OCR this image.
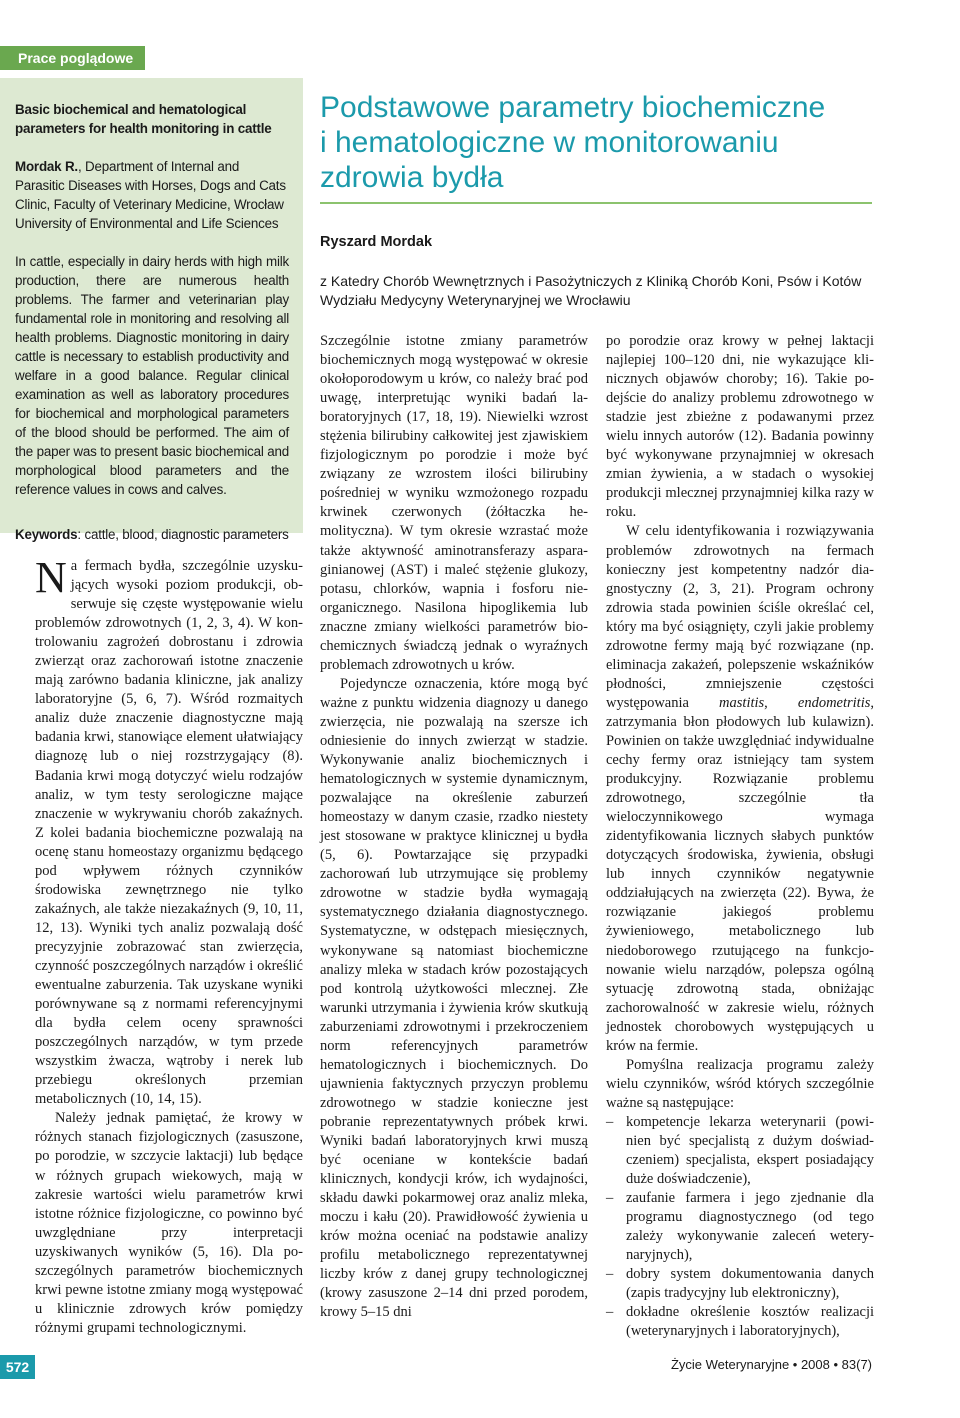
Prace poglądowe
Basic biochemical and hematological
parameters for health monitoring in cattle
Mordak R., Department of Internal and Parasitic Diseases with Horses, Dogs and Cats Clinic, Faculty of Veterinary Medicine, Wrocław University of Environmental and Life Sciences
In cattle, especially in dairy herds with high milk production, there are numerous health problems. The farmer and veterinarian play fundamental role in monitoring and resolving all health problems. Diagnostic monitoring in dairy cattle is necessary to establish productivity and welfare in a good balance. Regular clinical examination as well as laboratory procedures for biochemical and morphological parameters of the blood should be performed. The aim of the paper was to present basic biochemical and morphological blood parameters and the reference values in cows and calves.
Keywords: cattle, blood, diagnostic parameters
Podstawowe parametry biochemiczne
i hematologiczne w monitorowaniu
zdrowia bydła
Ryszard Mordak
z Katedry Chorób Wewnętrznych i Pasożytniczych z Kliniką Chorób Koni, Psów i Kotów
Wydziału Medycyny Weterynaryjnej we Wrocławiu

Na fermach bydła, szczególnie uzyskujących wysoki poziom produkcji, obserwuje się częste występowanie wielu problemów zdrowotnych (1, 2, 3, 4). W kontrolowaniu zagrożeń dobrostanu i zdrowia zwierząt oraz zachorowań istotne znaczenie mają zarówno badania kliniczne, jak analizy laboratoryjne (5, 6, 7). Wśród rozmaitych analiz duże znaczenie diagnostyczne mają badania krwi, stanowiące element ułatwiający diagnozę lub o niej rozstrzygający (8). Badania krwi mogą dotyczyć wielu rodzajów analiz, w tym testy serologiczne mające znaczenie w wykrywaniu chorób zakaźnych. Z kolei badania biochemiczne pozwalają na ocenę stanu homeostazy organizmu będącego pod wpływem różnych czynników środowiska zewnętrznego nie tylko zakaźnych, ale także niezakaźnych (9, 10, 11, 12, 13). Wyniki tych analiz pozwalają dość precyzyjnie zobrazować stan zwierzęcia, czynność poszczególnych narządów i określić ewentualne zaburzenia. Tak uzyskane wyniki porównywane są z normami referencyjnymi dla bydła celem oceny sprawności poszczególnych narządów, w tym przede wszystkim żwacza, wątroby i nerek lub przebiegu określonych przemian metabolicznych (10, 14, 15).

Należy jednak pamiętać, że krowy w różnych stanach fizjologicznych (zasuszone, po porodzie, w szczycie laktacji) lub będące w różnych grupach wiekowych, mają w zakresie wartości wielu parametrów krwi istotne różnice fizjologiczne, co powinno być uwzględniane przy interpretacji uzyskiwanych wyników (5, 16). Dla poszczególnych parametrów biochemicznych krwi pewne istotne zmiany mogą występować u klinicznie zdrowych krów pomiędzy różnymi grupami technologicznymi.

Szczególnie istotne zmiany parametrów biochemicznych mogą występować w okresie okołoporodowym u krów, co należy brać pod uwagę, interpretując wyniki badań laboratoryjnych (17, 18, 19). Niewielki wzrost stężenia bilirubiny całkowitej jest zjawiskiem fizjologicznym po porodzie i może być związany ze wzrostem ilości bilirubiny pośredniej w wyniku wzmożonego rozpadu krwinek czerwonych (żółtaczka hemolityczna). W tym okresie wzrastać może także aktywność aminotransferazy asparaginianowej (AST) i maleć stężenie glukozy, potasu, chlorków, wapnia i fosforu nieorganicznego. Nasilona hipoglikemia lub znaczne zmiany wielkości parametrów biochemicznych świadczą jednak o wyraźnych problemach zdrowotnych u krów.

Pojedyncze oznaczenia, które mogą być ważne z punktu widzenia diagnozy u danego zwierzęcia, nie pozwalają na szersze ich odniesienie do innych zwierząt w stadzie. Wykonywanie analiz biochemicznych i hematologicznych w systemie dynamicznym, pozwalające na określenie zaburzeń homeostazy w danym czasie, rzadko niestety jest stosowane w praktyce klinicznej u bydła (5, 6). Powtarzające się przypadki zachorowań lub utrzymujące się problemy zdrowotne w stadzie bydła wymagają systematycznego działania diagnostycznego. Systematyczne, w odstępach miesięcznych, wykonywane są natomiast biochemiczne analizy mleka w stadach krów pozostających pod kontrolą użytkowości mlecznej. Złe warunki utrzymania i żywienia krów skutkują zaburzeniami zdrowotnymi i przekroczeniem norm referencyjnych parametrów hematologicznych i biochemicznych. Do ujawnienia faktycznych przyczyn problemu zdrowotnego w stadzie konieczne jest pobranie reprezentatywnych próbek krwi. Wyniki badań laboratoryjnych krwi muszą być oceniane w kontekście badań klinicznych, kondycji krów, ich wydajności, składu dawki pokarmowej oraz analiz mleka, moczu i kału (20). Prawidłowość żywienia u krów można oceniać na podstawie analizy profilu metabolicznego reprezentatywnej liczby krów z danej grupy technologicznej (krowy zasuszone 2–14 dni przed porodem, krowy 5–15 dni

po porodzie oraz krowy w pełnej laktacji najlepiej 100–120 dni, nie wykazujące klinicznych objawów choroby; 16). Takie podejście do analizy problemu zdrowotnego w stadzie jest zbieżne z podawanymi przez wielu innych autorów (12). Badania powinny być wykonywane przynajmniej w okresach zmian żywienia, a w stadach o wysokiej produkcji mlecznej przynajmniej kilka razy w roku.

W celu identyfikowania i rozwiązywania problemów zdrowotnych na fermach konieczny jest kompetentny nadzór diagnostyczny (2, 3, 21). Program ochrony zdrowia stada powinien ściśle określać cel, który ma być osiągnięty, czyli jakie problemy zdrowotne fermy mają być rozwiązane (np. eliminacja zakażeń, polepszenie wskaźników płodności, zmniejszenie częstości występowania mastitis, endometritis, zatrzymania błon płodowych lub kulawizn). Powinien on także uwzględniać indywidualne cechy fermy oraz istniejący tam system produkcyjny. Rozwiązanie problemu zdrowotnego, szczególnie tła wieloczynnikowego wymaga zidentyfikowania licznych słabych punktów dotyczących środowiska, żywienia, obsługi lub innych czynników negatywnie oddziałujących na zwierzęta (22). Bywa, że rozwiązanie jakiegoś problemu żywieniowego, metabolicznego lub niedoborowego rzutującego na funkcjonowanie wielu narządów, polepsza ogólną sytuację zdrowotną stada, obniżając zachorowalność w zakresie wielu, różnych jednostek chorobowych występujących u krów na fermie.

Pomyślna realizacja programu zależy wielu czynników, wśród których szczególnie ważne są następujące:

– kompetencje lekarza weterynarii (powinien być specjalistą z dużym doświadczeniem) specjalista, ekspert posiadający duże doświadczenie),
– zaufanie farmera i jego zjednanie dla programu diagnostycznego (od tego zależy wykonywanie zaleceń weterynaryjnych),
– dobry system dokumentowania danych (zapis tradycyjny lub elektroniczny),
– dokładne określenie kosztów realizacji (weterynaryjnych i laboratoryjnych),
572	Życie Weterynaryjne • 2008 • 83(7)
